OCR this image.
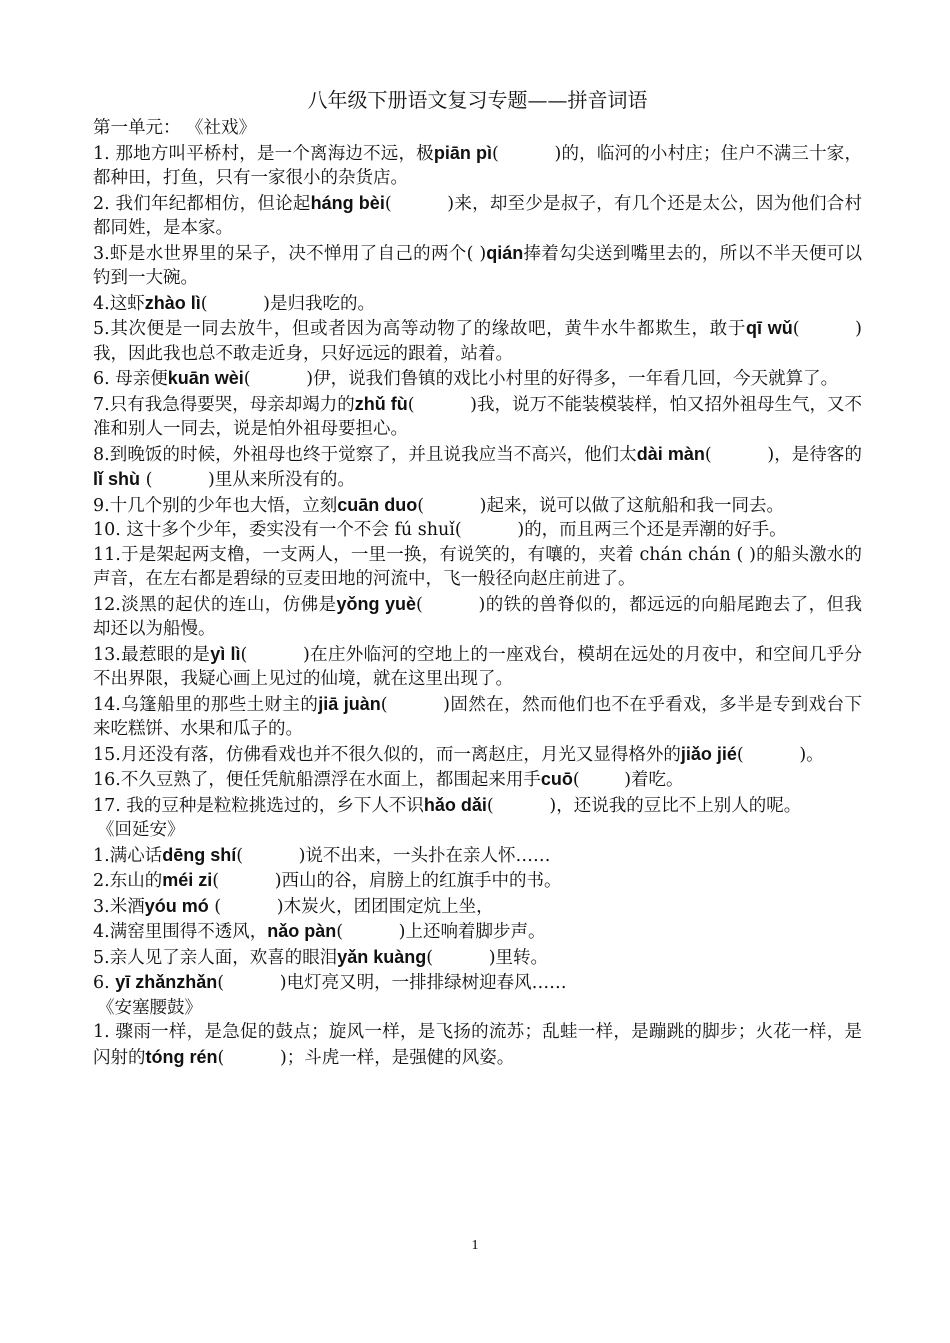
八年级下册语文复习专题——拼音词语
第一单元： 《社戏》
1. 那地方叫平桥村，是一个离海边不远，极piān pì(          )的，临河的小村庄；住户不满三十家，都种田，打鱼，只有一家很小的杂货店。
2. 我们年纪都相仿，但论起háng bèi(          )来，却至少是叔子，有几个还是太公，因为他们合村都同姓，是本家。
3.虾是水世界里的呆子，决不惮用了自己的两个( )qián捧着勾尖送到嘴里去的，所以不半天便可以钓到一大碗。
4.这虾zhào lì(          )是归我吃的。
5.其次便是一同去放牛，但或者因为高等动物了的缘故吧，黄牛水牛都欺生，敢于qī wǔ(          )我，因此我也总不敢走近身，只好远远的跟着，站着。
6. 母亲便kuān wèi(          )伊，说我们鲁镇的戏比小村里的好得多，一年看几回，今天就算了。
7.只有我急得要哭，母亲却竭力的zhǔ fù(          )我，说万不能装模装样，怕又招外祖母生气，又不准和别人一同去，说是怕外祖母要担心。
8.到晚饭的时候，外祖母也终于觉察了，并且说我应当不高兴，他们太dài màn(          )，是待客的lǐ shù (          )里从来所没有的。
9.十几个别的少年也大悟，立刻cuān duo(          )起来，说可以做了这航船和我一同去。
10. 这十多个少年，委实没有一个不会 fú shuǐ(          )的，而且两三个还是弄潮的好手。
11.于是架起两支橹，一支两人，一里一换，有说笑的，有嚷的，夹着 chán chán ( )的船头激水的声音，在左右都是碧绿的豆麦田地的河流中，飞一般径向赵庄前进了。
12.淡黑的起伏的连山，仿佛是yǒng yuè(          )的铁的兽脊似的，都远远的向船尾跑去了，但我却还以为船慢。
13.最惹眼的是yì lì(          )在庄外临河的空地上的一座戏台，模胡在远处的月夜中，和空间几乎分不出界限，我疑心画上见过的仙境，就在这里出现了。
14.乌篷船里的那些土财主的jiā juàn(          )固然在，然而他们也不在乎看戏，多半是专到戏台下来吃糕饼、水果和瓜子的。
15.月还没有落，仿佛看戏也并不很久似的，而一离赵庄，月光又显得格外的jiǎo jié(          )。
16.不久豆熟了，便任凭航船漂浮在水面上，都围起来用手cuō(        )着吃。
17. 我的豆种是粒粒挑选过的，乡下人不识hǎo dǎi(          )，还说我的豆比不上别人的呢。
《回延安》
1.满心话dēng shí(          )说不出来，一头扑在亲人怀……
2.东山的méi zi(          )西山的谷，肩膀上的红旗手中的书。
3.米酒yóu mó (          )木炭火，团团围定炕上坐，
4.满窑里围得不透风，nǎo pàn(          )上还响着脚步声。
5.亲人见了亲人面，欢喜的眼泪yǎn kuàng(          )里转。
6. yī zhǎnzhǎn(          )电灯亮又明，一排排绿树迎春风……
《安塞腰鼓》
1. 骤雨一样，是急促的鼓点；旋风一样，是飞扬的流苏；乱蛙一样，是蹦跳的脚步；火花一样，是闪射的tóng rén(          )；斗虎一样，是强健的风姿。
1
